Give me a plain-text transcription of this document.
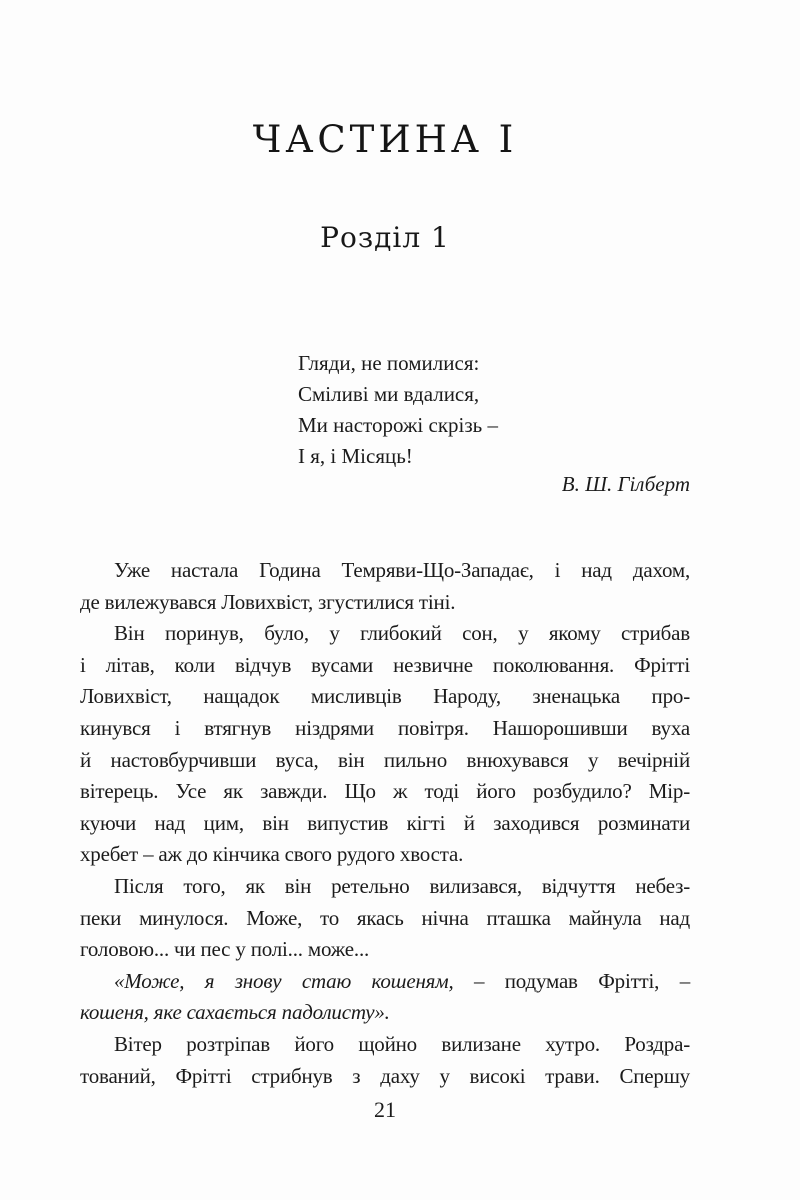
ЧАСТИНА I
Розділ 1
Гляди, не помилися:
Сміливі ми вдалися,
Ми насторожі скрізь –
І я, і Місяць!
В. Ш. Гілберт
Уже настала Година Темряви-Що-Западає, і над дахом,
де вилежувався Ловихвіст, згустилися тіні.
Він поринув, було, у глибокий сон, у якому стрибав
і літав, коли відчув вусами незвичне поколювання. Фрітті
Ловихвіст, нащадок мисливців Народу, зненацька про-
кинувся і втягнув ніздрями повітря. Нашорошивши вуха
й настовбурчивши вуса, він пильно внюхувався у вечірній
вітерець. Усе як завжди. Що ж тоді його розбудило? Мір-
куючи над цим, він випустив кігті й заходився розминати
хребет – аж до кінчика свого рудого хвоста.
Після того, як він ретельно вилизався, відчуття небез-
пеки минулося. Може, то якась нічна пташка майнула над
головою... чи пес у полі... може...
«Може, я знову стаю кошеням, – подумав Фрітті, –
кошеня, яке сахається падолисту».
Вітер розтріпав його щойно вилизане хутро. Роздра-
тований, Фрітті стрибнув з даху у високі трави. Спершу
21
